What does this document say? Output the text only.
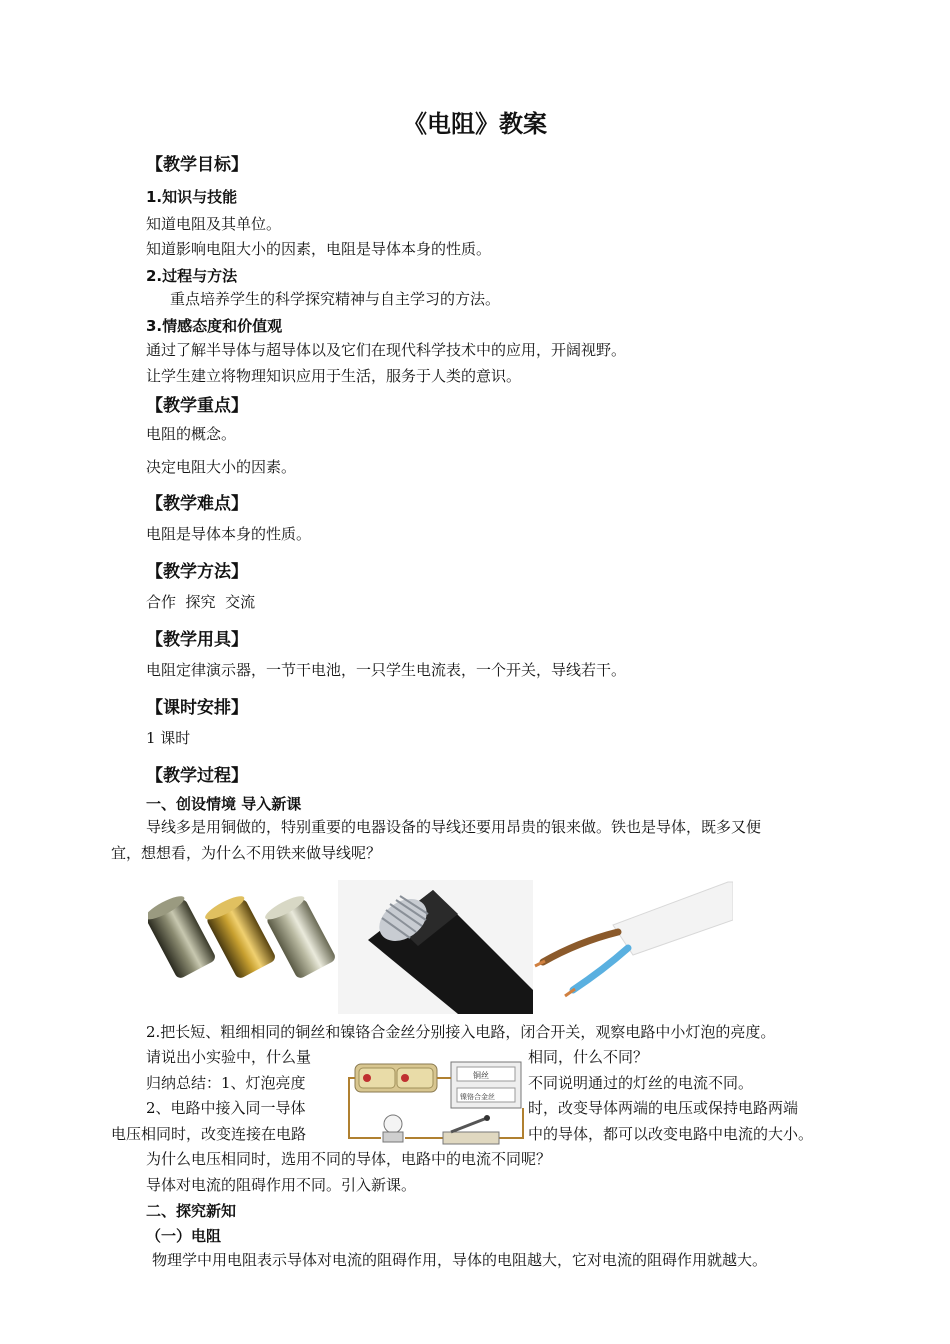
《电阻》教案
【教学目标】
1.知识与技能
知道电阻及其单位。
知道影响电阻大小的因素，电阻是导体本身的性质。
2.过程与方法
重点培养学生的科学探究精神与自主学习的方法。
3.情感态度和价值观
通过了解半导体与超导体以及它们在现代科学技术中的应用，开阔视野。
让学生建立将物理知识应用于生活，服务于人类的意识。
【教学重点】
电阻的概念。
决定电阻大小的因素。
【教学难点】
电阻是导体本身的性质。
【教学方法】
合作  探究  交流
【教学用具】
电阻定律演示器，一节干电池，一只学生电流表，一个开关，导线若干。
【课时安排】
1 课时
【教学过程】
一、创设情境 导入新课
导线多是用铜做的，特别重要的电器设备的导线还要用昂贵的银来做。铁也是导体，既多又便
宜，想想看，为什么不用铁来做导线呢？
2.把长短、粗细相同的铜丝和镍铬合金丝分别接入电路，闭合开关，观察电路中小灯泡的亮度。
请说出小实验中，什么量	相同，什么不同？
归纳总结：1、灯泡亮度	不同说明通过的灯丝的电流不同。
2、电路中接入同一导体	时，改变导体两端的电压或保持电路两端
电压相同时，改变连接在电路	中的导体，都可以改变电路中电流的大小。
铜丝
镍铬合金丝
为什么电压相同时，选用不同的导体，电路中的电流不同呢？
导体对电流的阻碍作用不同。引入新课。
二、探究新知
（一）电阻
物理学中用电阻表示导体对电流的阻碍作用，导体的电阻越大，它对电流的阻碍作用就越大。
